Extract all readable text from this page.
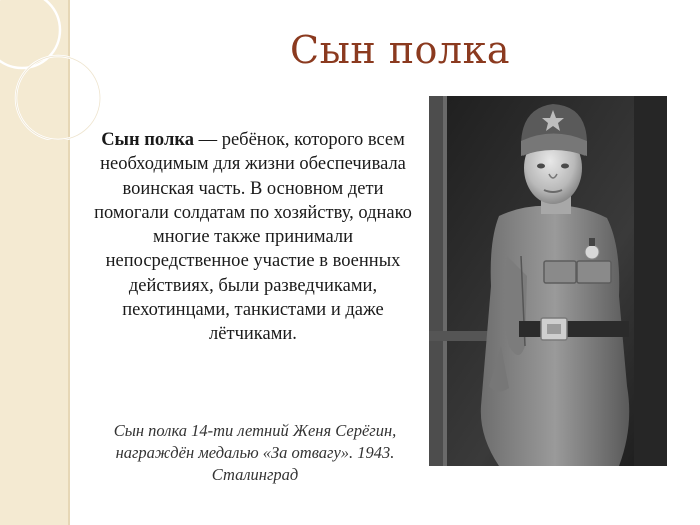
Сын полка
Сын полка — ребёнок, которого всем необходимым для жизни обеспечивала воинская часть. В основном дети помогали солдатам по хозяйству, однако многие также принимали непосредственное участие в военных действиях, были разведчиками, пехотинцами, танкистами и даже лётчиками.
Сын полка 14-ти летний Женя Серёгин,
награждён медалью «За отвагу». 1943.
Сталинград
